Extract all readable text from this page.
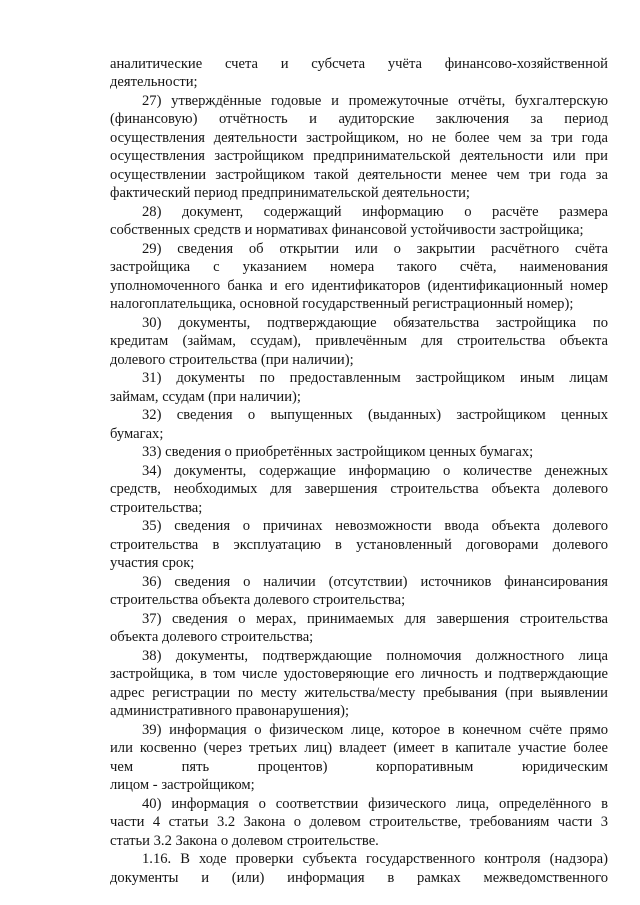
аналитические счета и субсчета учёта финансово-хозяйственной
деятельности;
27) утверждённые годовые и промежуточные отчёты, бухгалтерскую
(финансовую) отчётность и аудиторские заключения за период
осуществления деятельности застройщиком, но не более чем за три года
осуществления застройщиком предпринимательской деятельности или при
осуществлении застройщиком такой деятельности менее чем три года за
фактический период предпринимательской деятельности;
28) документ, содержащий информацию о расчёте размера
собственных средств и нормативах финансовой устойчивости застройщика;
29) сведения об открытии или о закрытии расчётного счёта
застройщика с указанием номера такого счёта, наименования
уполномоченного банка и его идентификаторов (идентификационный номер
налогоплательщика, основной государственный регистрационный номер);
30) документы, подтверждающие обязательства застройщика по
кредитам (займам, ссудам), привлечённым для строительства объекта
долевого строительства (при наличии);
31) документы по предоставленным застройщиком иным лицам
займам, ссудам (при наличии);
32) сведения о выпущенных (выданных) застройщиком ценных
бумагах;
33) сведения о приобретённых застройщиком ценных бумагах;
34) документы, содержащие информацию о количестве денежных
средств, необходимых для завершения строительства объекта долевого
строительства;
35) сведения о причинах невозможности ввода объекта долевого
строительства в эксплуатацию в установленный договорами долевого
участия срок;
36) сведения о наличии (отсутствии) источников финансирования
строительства объекта долевого строительства;
37) сведения о мерах, принимаемых для завершения строительства
объекта долевого строительства;
38) документы, подтверждающие полномочия должностного лица
застройщика, в том числе удостоверяющие его личность и подтверждающие
адрес регистрации по месту жительства/месту пребывания (при выявлении
административного правонарушения);
39) информация о физическом лице, которое в конечном счёте прямо
или косвенно (через третьих лиц) владеет (имеет в капитале участие более
чем пять процентов) корпоративным юридическим
лицом - застройщиком;
40) информация о соответствии физического лица, определённого в
части 4 статьи 3.2 Закона о долевом строительстве, требованиям части 3
статьи 3.2 Закона о долевом строительстве.
1.16. В ходе проверки субъекта государственного контроля (надзора)
документы и (или) информация в рамках межведомственного
